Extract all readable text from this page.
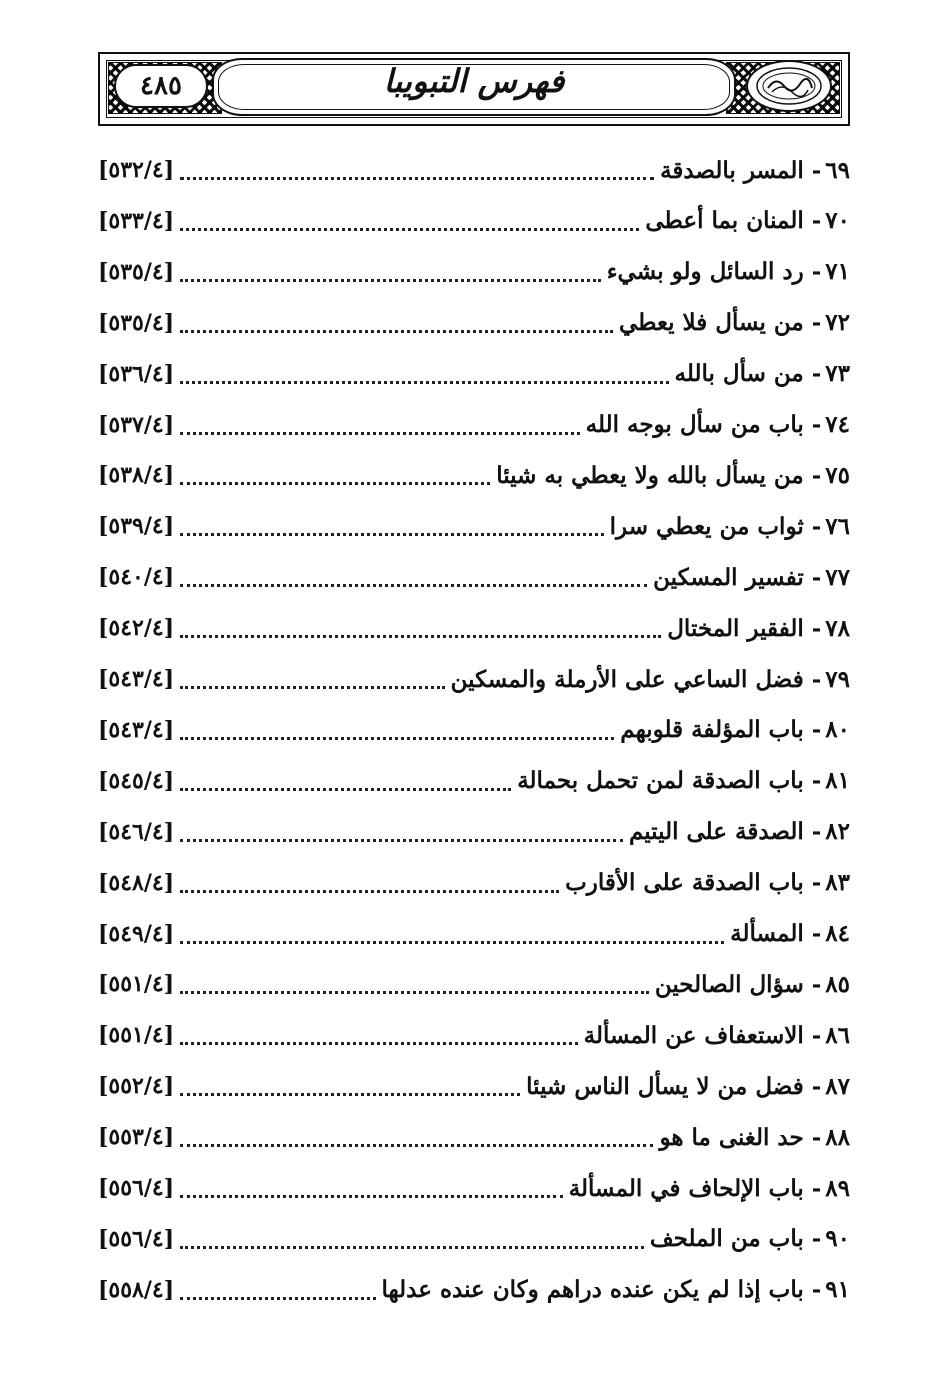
٤٨٥	فهرس التبويبا
٦٩
-
المسر بالصدقة
[٥٣٢/٤]
٧٠
-
المنان بما أعطى
[٥٣٣/٤]
٧١
-
رد السائل ولو بشيء
[٥٣٥/٤]
٧٢
-
من يسأل فلا يعطي
[٥٣٥/٤]
٧٣
-
من سأل بالله
[٥٣٦/٤]
٧٤
-
باب من سأل بوجه الله
[٥٣٧/٤]
٧٥
-
من يسأل بالله ولا يعطي به شيئا
[٥٣٨/٤]
٧٦
-
ثواب من يعطي سرا
[٥٣٩/٤]
٧٧
-
تفسير المسكين
[٥٤٠/٤]
٧٨
-
الفقير المختال
[٥٤٢/٤]
٧٩
-
فضل الساعي على الأرملة والمسكين
[٥٤٣/٤]
٨٠
-
باب المؤلفة قلوبهم
[٥٤٣/٤]
٨١
-
باب الصدقة لمن تحمل بحمالة
[٥٤٥/٤]
٨٢
-
الصدقة على اليتيم
[٥٤٦/٤]
٨٣
-
باب الصدقة على الأقارب
[٥٤٨/٤]
٨٤
-
المسألة
[٥٤٩/٤]
٨٥
-
سؤال الصالحين
[٥٥١/٤]
٨٦
-
الاستعفاف عن المسألة
[٥٥١/٤]
٨٧
-
فضل من لا يسأل الناس شيئا
[٥٥٢/٤]
٨٨
-
حد الغنى ما هو
[٥٥٣/٤]
٨٩
-
باب الإلحاف في المسألة
[٥٥٦/٤]
٩٠
-
باب من الملحف
[٥٥٦/٤]
٩١
-
باب إذا لم يكن عنده دراهم وكان عنده عدلها
[٥٥٨/٤]
